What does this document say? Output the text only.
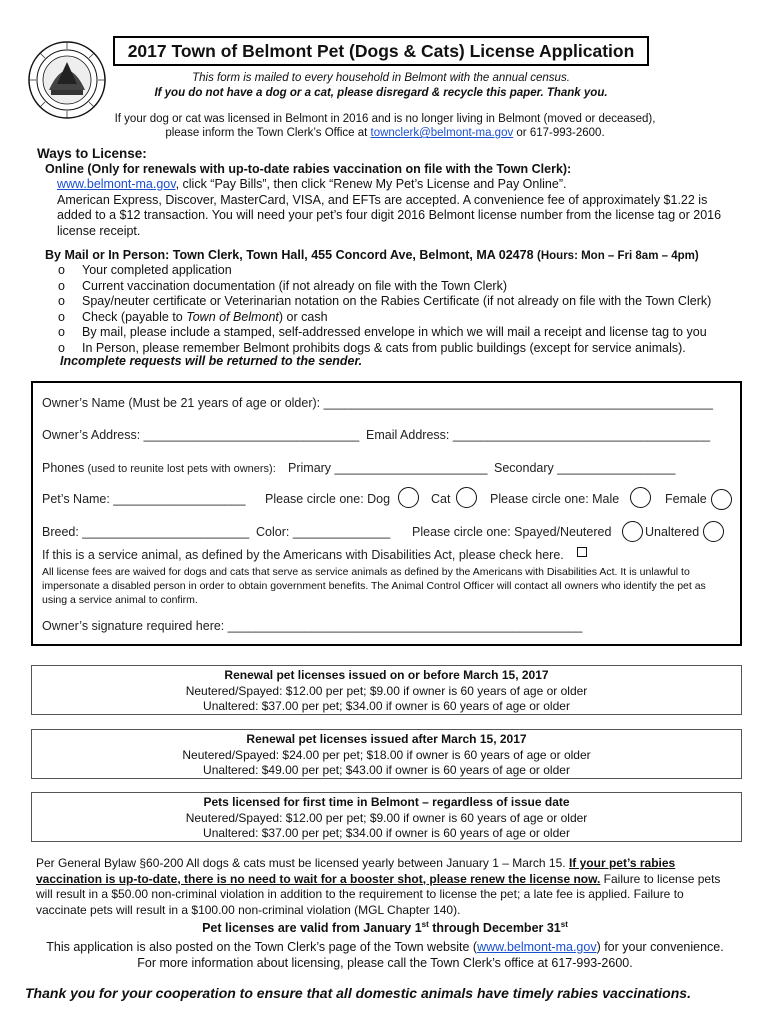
2017 Town of Belmont Pet (Dogs & Cats) License Application
This form is mailed to every household in Belmont with the annual census.
If you do not have a dog or a cat, please disregard & recycle this paper. Thank you.
If your dog or cat was licensed in Belmont in 2016 and is no longer living in Belmont (moved or deceased),
please inform the Town Clerk’s Office at townclerk@belmont-ma.gov or 617-993-2600.
Ways to License:
Online (Only for renewals with up-to-date rabies vaccination on file with the Town Clerk):
www.belmont-ma.gov, click “Pay Bills”, then click “Renew My Pet’s License and Pay Online”.
American Express, Discover, MasterCard, VISA, and EFTs are accepted. A convenience fee of approximately $1.22 is added to a $12 transaction. You will need your pet’s four digit 2016 Belmont license number from the license tag or 2016 license receipt.
By Mail or In Person: Town Clerk, Town Hall, 455 Concord Ave, Belmont, MA 02478 (Hours: Mon – Fri 8am – 4pm)
o	Your completed application
o	Current vaccination documentation (if not already on file with the Town Clerk)
o	Spay/neuter certificate or Veterinarian notation on the Rabies Certificate (if not already on file with the Town Clerk)
o	Check (payable to Town of Belmont) or cash
o	By mail, please include a stamped, self-addressed envelope in which we will mail a receipt and license tag to you
o	In Person, please remember Belmont prohibits dogs & cats from public buildings (except for service animals).
Incomplete requests will be returned to the sender.
Owner’s Name (Must be 21 years of age or older): ________________________________________________________
Owner’s Address: _______________________________ Email Address: _____________________________________
Phones (used to reunite lost pets with owners): Primary ______________________ Secondary _________________
Pet’s Name: ___________________ Please circle one: Dog	Cat	Please circle one: Male	Female
Breed: ________________________ Color: ______________ Please circle one: Spayed/Neutered	Unaltered
If this is a service animal, as defined by the Americans with Disabilities Act, please check here.
All license fees are waived for dogs and cats that serve as service animals as defined by the Americans with Disabilities Act. It is unlawful to impersonate a disabled person in order to obtain government benefits. The Animal Control Officer will contact all owners who identify the pet as using a service animal to confirm.
Owner’s signature required here: ___________________________________________________
Renewal pet licenses issued on or before March 15, 2017
Neutered/Spayed: $12.00 per pet; $9.00 if owner is 60 years of age or older
Unaltered: $37.00 per pet; $34.00 if owner is 60 years of age or older
Renewal pet licenses issued after March 15, 2017
Neutered/Spayed: $24.00 per pet; $18.00 if owner is 60 years of age or older
Unaltered: $49.00 per pet; $43.00 if owner is 60 years of age or older
Pets licensed for first time in Belmont – regardless of issue date
Neutered/Spayed: $12.00 per pet; $9.00 if owner is 60 years of age or older
Unaltered: $37.00 per pet; $34.00 if owner is 60 years of age or older
Per General Bylaw §60-200 All dogs & cats must be licensed yearly between January 1 – March 15. If your pet’s rabies vaccination is up-to-date, there is no need to wait for a booster shot, please renew the license now. Failure to license pets will result in a $50.00 non-criminal violation in addition to the requirement to license the pet; a late fee is applied. Failure to vaccinate pets will result in a $100.00 non-criminal violation (MGL Chapter 140).
Pet licenses are valid from January 1st through December 31st
This application is also posted on the Town Clerk’s page of the Town website (www.belmont-ma.gov) for your convenience.
For more information about licensing, please call the Town Clerk’s office at 617-993-2600.
Thank you for your cooperation to ensure that all domestic animals have timely rabies vaccinations.
